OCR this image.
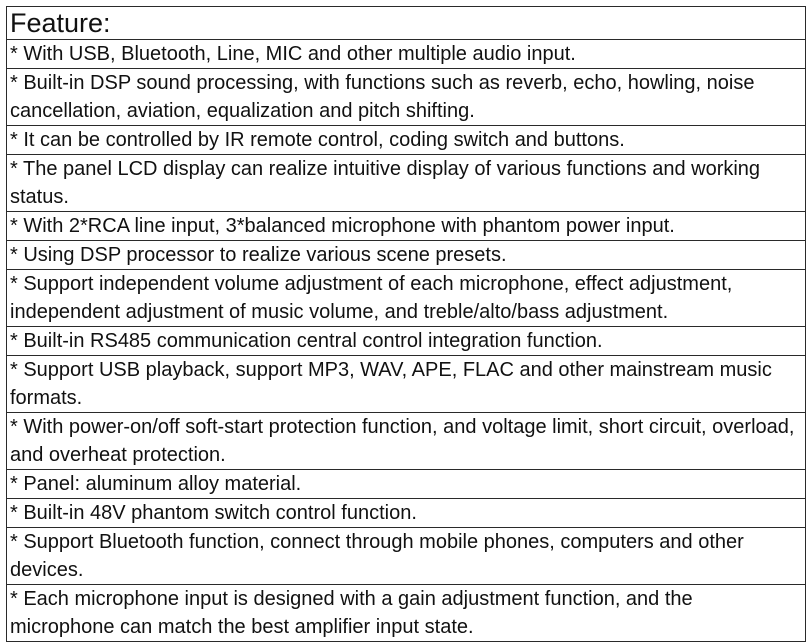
Feature:
* With USB, Bluetooth, Line, MIC and other multiple audio input.
* Built-in DSP sound processing, with functions such as reverb, echo, howling, noise cancellation, aviation, equalization and pitch shifting.
* It can be controlled by IR remote control, coding switch and buttons.
* The panel LCD display can realize intuitive display of various functions and working status.
* With 2*RCA line input, 3*balanced microphone with phantom power input.
* Using DSP processor to realize various scene presets.
* Support independent volume adjustment of each microphone, effect adjustment, independent adjustment of music volume, and treble/alto/bass adjustment.
* Built-in RS485 communication central control integration function.
* Support USB playback, support MP3, WAV, APE, FLAC and other mainstream music formats.
* With power-on/off soft-start protection function, and voltage limit, short circuit, overload, and overheat protection.
* Panel: aluminum alloy material.
* Built-in 48V phantom switch control function.
* Support Bluetooth function, connect through mobile phones, computers and other devices.
* Each microphone input is designed with a gain adjustment function, and the microphone can match the best amplifier input state.
